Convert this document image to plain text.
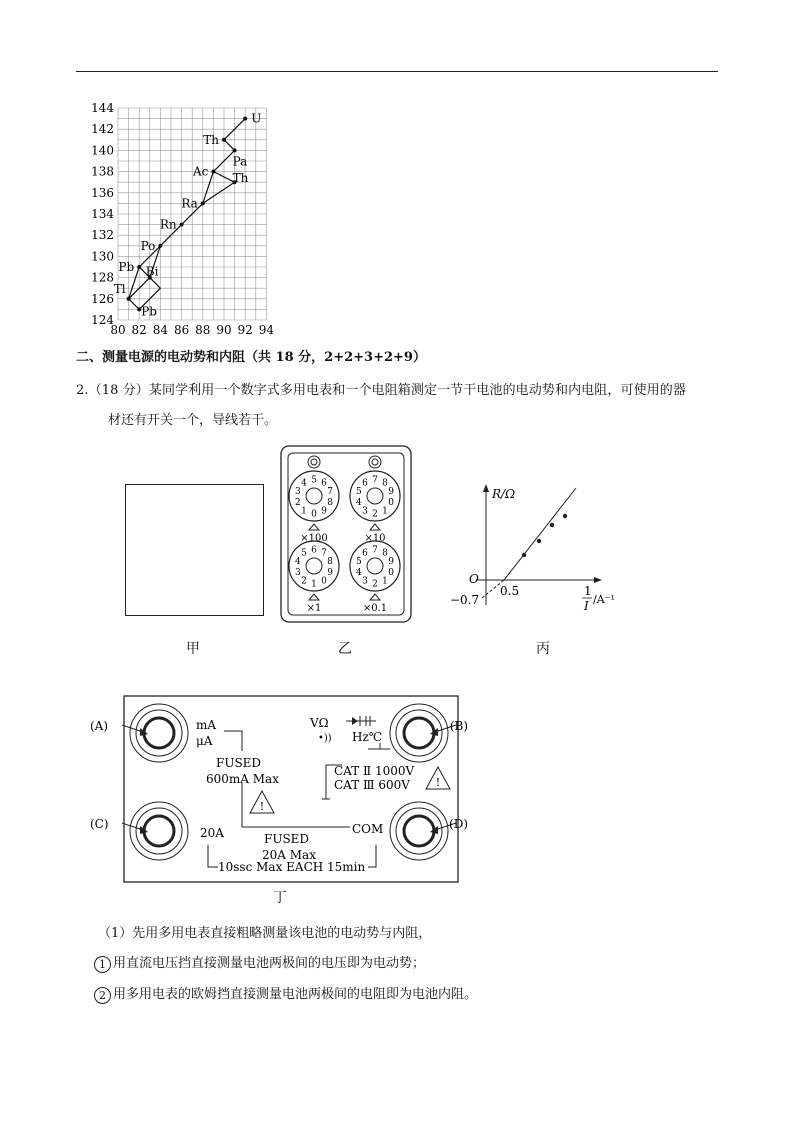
144
142
140
138
136
134
132
130
128
126
124
80 82 84 86 88 90 92 94
U
Th
Pa
Ac Th
Ra
Rn
Po
Pb Bi
Tl
Pb
二、测量电源的电动势和内阻（共 18 分，2+2+3+2+9）
2.（18 分）某同学利用一个数字式多用电表和一个电阻箱测定一节干电池的电动势和内电阻，可使用的器
材还有开关一个，导线若干。
甲
0
1
2
3
4 5 6
7
8
9	2
3
4
5
6 7 8
9
0
1
1
2
3
4
5 6 7
8
9
0	2
3
4
5
6 7 8
9
0
1
×100	×10
×1	×0.1
乙
R/Ω
O
0.5
−0.7
1
I /A⁻¹
丙
(A)	(B)
(C)	(D)
mA
μA
FUSED
600mA Max
!
VΩ
•)) Hz℃
CAT Ⅱ 1000V
CAT Ⅲ 600V !
COM
20A	FUSED
20A Max
10ssc Max EACH 15min
丁
（1）先用多用电表直接粗略测量该电池的电动势与内阻，
1 用直流电压挡直接测量电池两极间的电压即为电动势；
2 用多用电表的欧姆挡直接测量电池两极间的电阻即为电池内阻。
